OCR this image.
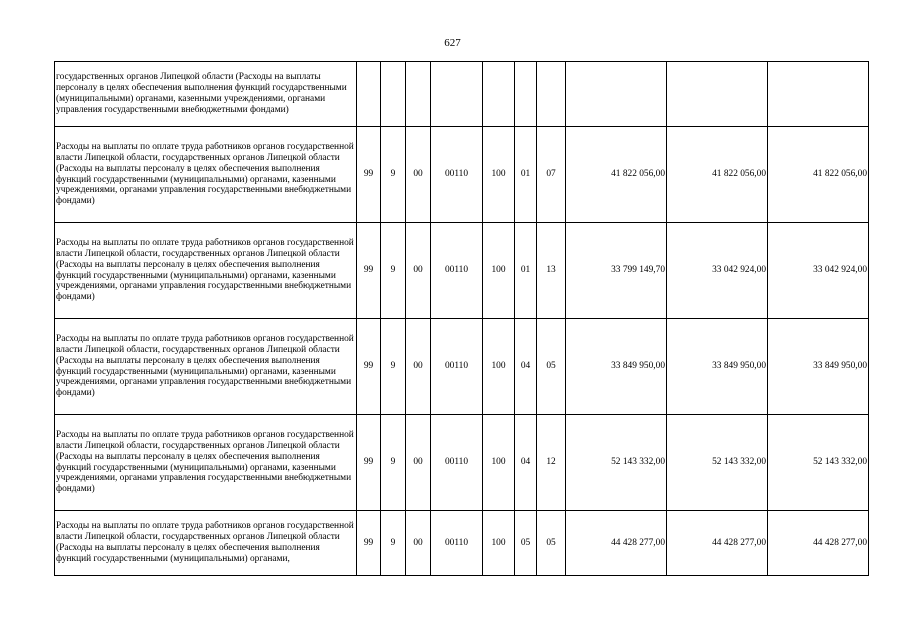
627
государственных органов Липецкой области (Расходы на выплаты персоналу в целях обеспечения выполнения функций государственными (муниципальными) органами, казенными учреждениями, органами управления государственными внебюджетными фондами)										
Расходы на выплаты по оплате труда работников органов государственной власти Липецкой области, государственных органов Липецкой области (Расходы на выплаты персоналу в целях обеспечения выполнения функций государственными (муниципальными) органами, казенными учреждениями, органами управления государственными внебюджетными фондами)	99	9	00	00110	100	01	07	41 822 056,00	41 822 056,00	41 822 056,00
Расходы на выплаты по оплате труда работников органов государственной власти Липецкой области, государственных органов Липецкой области (Расходы на выплаты персоналу в целях обеспечения выполнения функций государственными (муниципальными) органами, казенными учреждениями, органами управления государственными внебюджетными фондами)	99	9	00	00110	100	01	13	33 799 149,70	33 042 924,00	33 042 924,00
Расходы на выплаты по оплате труда работников органов государственной власти Липецкой области, государственных органов Липецкой области (Расходы на выплаты персоналу в целях обеспечения выполнения функций государственными (муниципальными) органами, казенными учреждениями, органами управления государственными внебюджетными фондами)	99	9	00	00110	100	04	05	33 849 950,00	33 849 950,00	33 849 950,00
Расходы на выплаты по оплате труда работников органов государственной власти Липецкой области, государственных органов Липецкой области (Расходы на выплаты персоналу в целях обеспечения выполнения функций государственными (муниципальными) органами, казенными учреждениями, органами управления государственными внебюджетными фондами)	99	9	00	00110	100	04	12	52 143 332,00	52 143 332,00	52 143 332,00
Расходы на выплаты по оплате труда работников органов государственной власти Липецкой области, государственных органов Липецкой области (Расходы на выплаты персоналу в целях обеспечения выполнения функций государственными (муниципальными) органами,	99	9	00	00110	100	05	05	44 428 277,00	44 428 277,00	44 428 277,00
